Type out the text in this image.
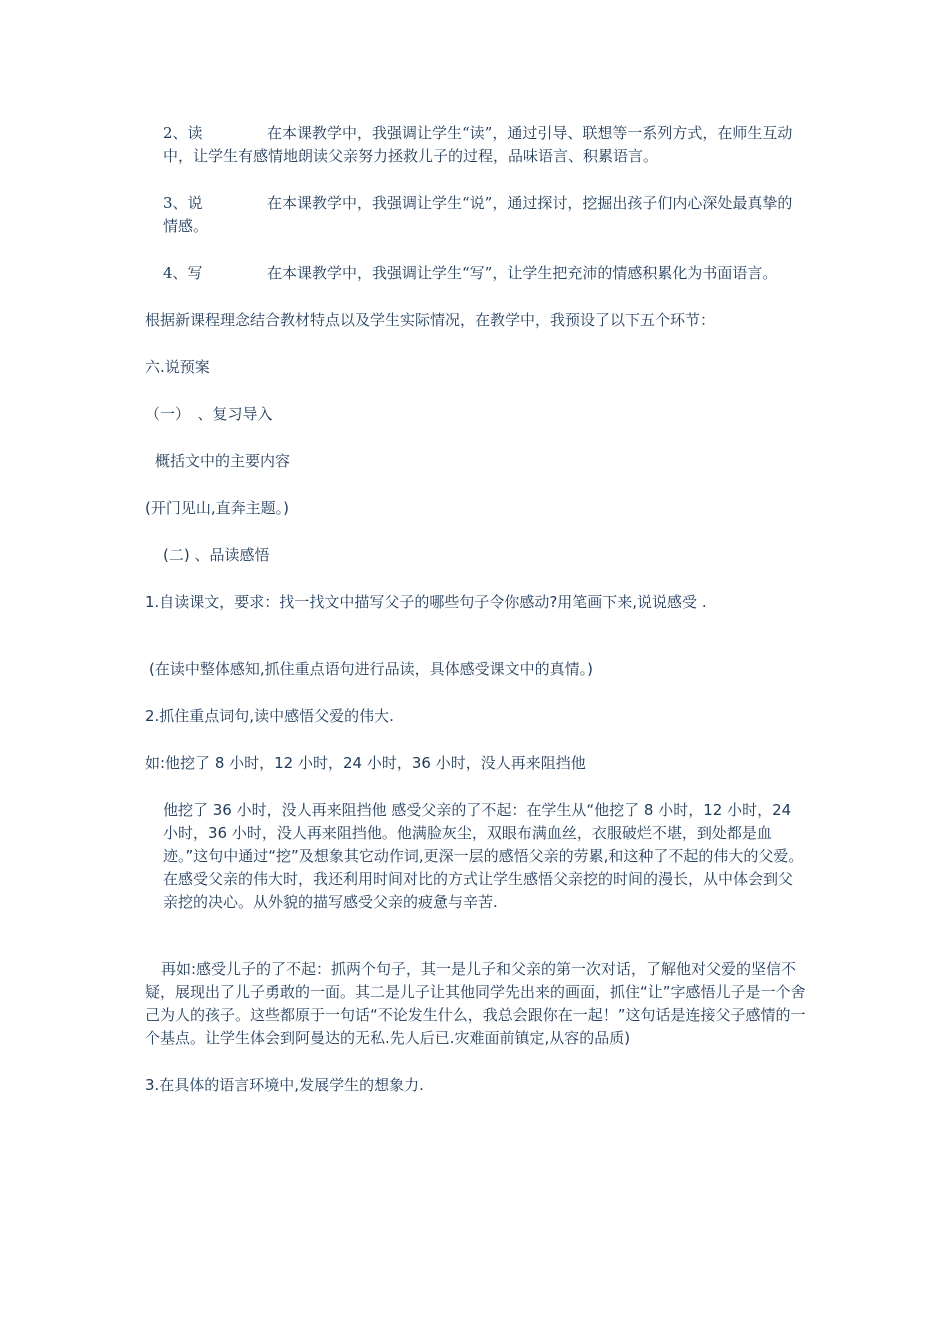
2、读	在本课教学中，我强调让学生“读”，通过引导、联想等一系列方式，在师生互动中，让学生有感情地朗读父亲努力拯救儿子的过程，品味语言、积累语言。

3、说	在本课教学中，我强调让学生“说”，通过探讨，挖掘出孩子们内心深处最真挚的情感。

4、写	在本课教学中，我强调让学生“写”，让学生把充沛的情感积累化为书面语言。

根据新课程理念结合教材特点以及学生实际情况，在教学中，我预设了以下五个环节：

六.说预案

（一）　、复习导入

概括文中的主要内容

(开门见山,直奔主题。)

(二) 、品读感悟

1.自读课文，要求：找一找文中描写父子的哪些句子令你感动?用笔画下来,说说感受 .

(在读中整体感知,抓住重点语句进行品读，具体感受课文中的真情。)

2.抓住重点词句,读中感悟父爱的伟大.

如:他挖了 8 小时，12 小时，24 小时，36 小时，没人再来阻挡他

他挖了 36 小时，没人再来阻挡他 感受父亲的了不起：在学生从“他挖了 8 小时，12 小时，24 小时，36 小时，没人再来阻挡他。他满脸灰尘，双眼布满血丝，衣服破烂不堪，到处都是血迹。”这句中通过“挖”及想象其它动作词,更深一层的感悟父亲的劳累,和这种了不起的伟大的父爱。在感受父亲的伟大时，我还利用时间对比的方式让学生感悟父亲挖的时间的漫长，从中体会到父亲挖的决心。从外貌的描写感受父亲的疲惫与辛苦.

再如:感受儿子的了不起：抓两个句子，其一是儿子和父亲的第一次对话，了解他对父爱的坚信不疑，展现出了儿子勇敢的一面。其二是儿子让其他同学先出来的画面，抓住“让”字感悟儿子是一个舍己为人的孩子。这些都原于一句话“不论发生什么，我总会跟你在一起！”这句话是连接父子感情的一个基点。让学生体会到阿曼达的无私.先人后已.灾难面前镇定,从容的品质)

3.在具体的语言环境中,发展学生的想象力.
